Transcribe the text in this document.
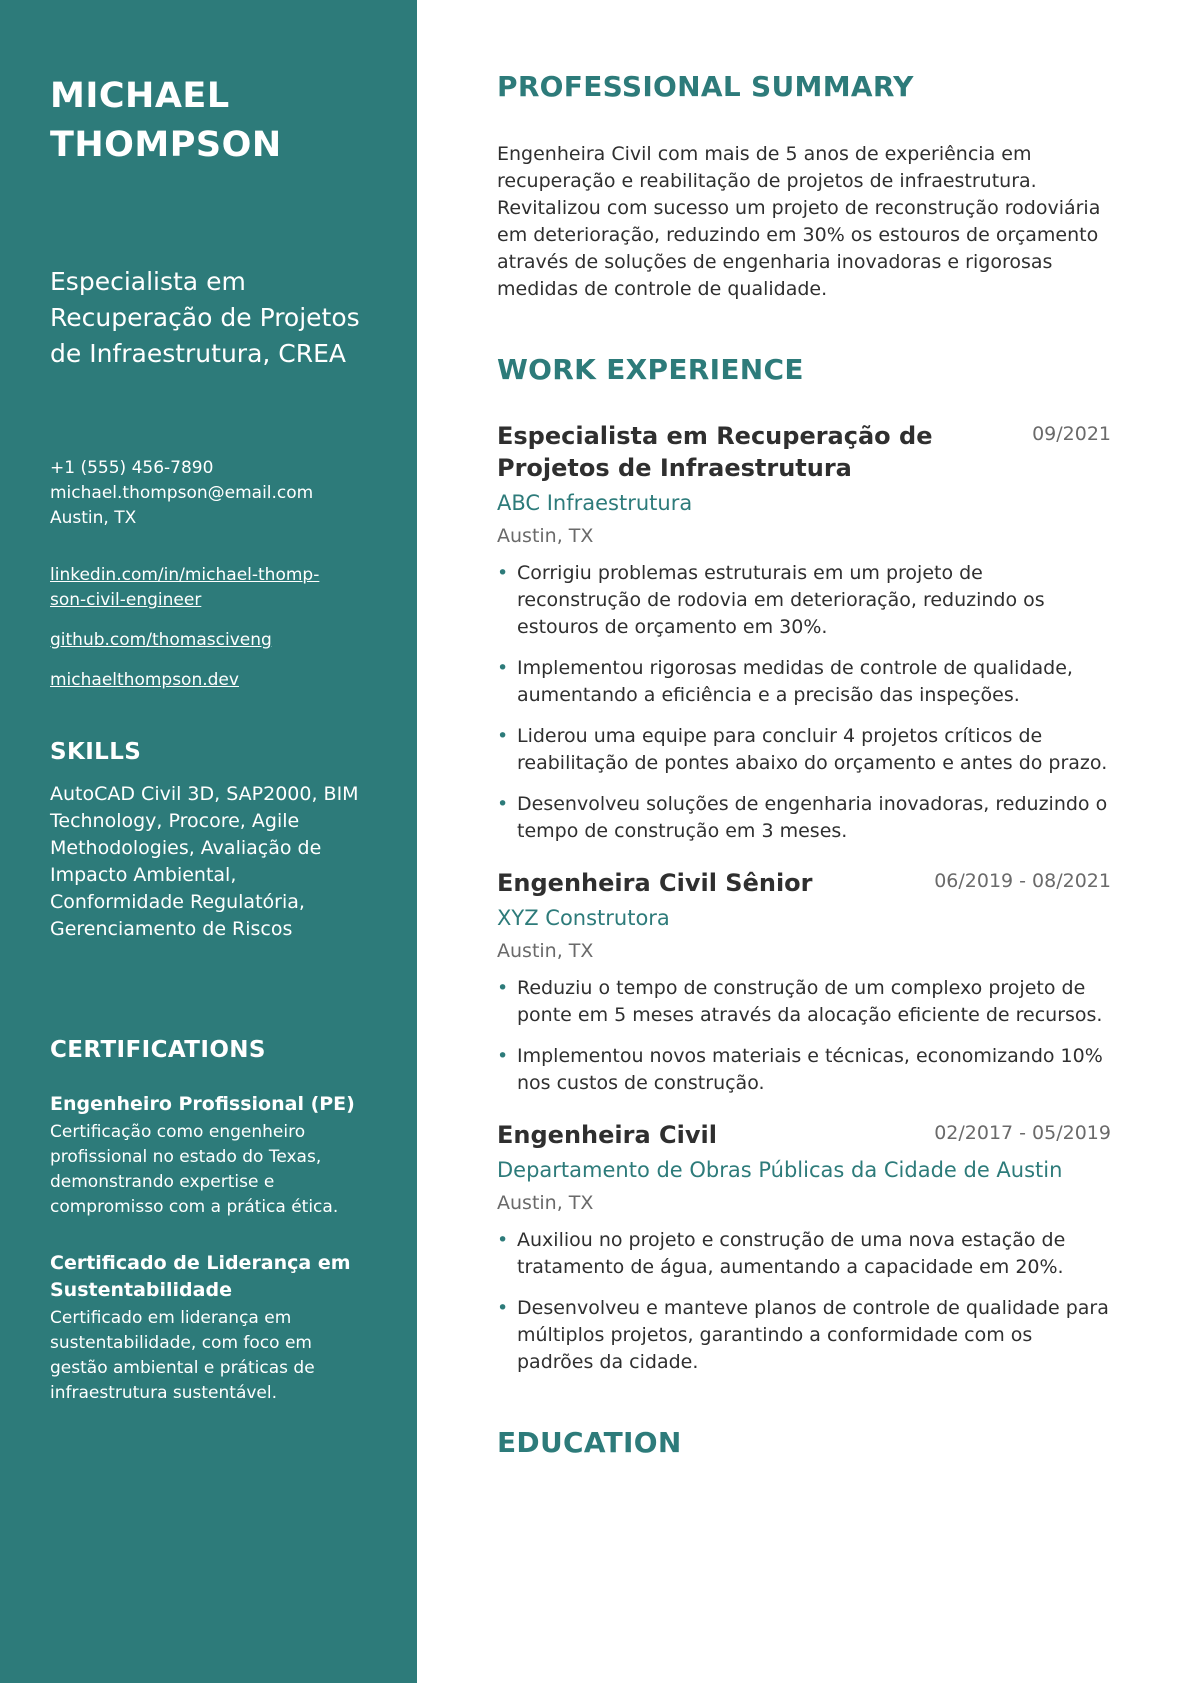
MICHAEL
THOMPSON
Especialista em Recuperação de Projetos de Infraestrutura, CREA
+1 (555) 456-7890
michael.thompson@email.com
Austin, TX
linkedin.com/in/michael-thomp-
son-civil-engineer
github.com/thomasciveng
michaelthompson.dev
SKILLS
AutoCAD Civil 3D, SAP2000, BIM Technology, Procore, Agile Methodologies, Avaliação de Impacto Ambiental, Conformidade Regulatória, Gerenciamento de Riscos
CERTIFICATIONS
Engenheiro Profissional (PE)
Certificação como engenheiro profissional no estado do Texas, demonstrando expertise e compromisso com a prática ética.
Certificado de Liderança em Sustentabilidade
Certificado em liderança em sustentabilidade, com foco em gestão ambiental e práticas de infraestrutura sustentável.
PROFESSIONAL SUMMARY

Engenheira Civil com mais de 5 anos de experiência em recuperação e reabilitação de projetos de infraestrutura. Revitalizou com sucesso um projeto de reconstrução rodoviária em deterioração, reduzindo em 30% os estouros de orçamento através de soluções de engenharia inovadoras e rigorosas medidas de controle de qualidade.

WORK EXPERIENCE
Especialista em Recuperação de Projetos de Infraestrutura
09/2021
ABC Infraestrutura
Austin, TX
• Corrigiu problemas estruturais em um projeto de reconstrução de rodovia em deterioração, reduzindo os estouros de orçamento em 30%.
• Implementou rigorosas medidas de controle de qualidade, aumentando a eficiência e a precisão das inspeções.
• Liderou uma equipe para concluir 4 projetos críticos de reabilitação de pontes abaixo do orçamento e antes do prazo.
• Desenvolveu soluções de engenharia inovadoras, reduzindo o tempo de construção em 3 meses.
Engenheira Civil Sênior	06/2019 - 08/2021
XYZ Construtora
Austin, TX
• Reduziu o tempo de construção de um complexo projeto de ponte em 5 meses através da alocação eficiente de recursos.
• Implementou novos materiais e técnicas, economizando 10% nos custos de construção.
Engenheira Civil	02/2017 - 05/2019
Departamento de Obras Públicas da Cidade de Austin
Austin, TX
• Auxiliou no projeto e construção de uma nova estação de tratamento de água, aumentando a capacidade em 20%.
• Desenvolveu e manteve planos de controle de qualidade para múltiplos projetos, garantindo a conformidade com os padrões da cidade.
EDUCATION
